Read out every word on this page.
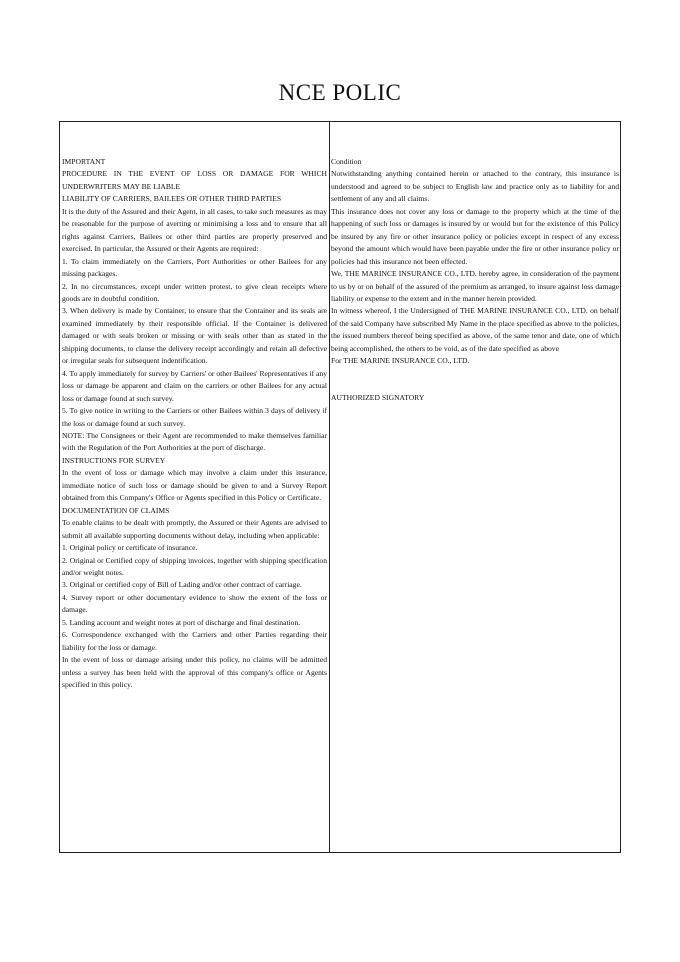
NCE POLIC

IMPORTANT

PROCEDURE IN THE EVENT OF LOSS OR DAMAGE FOR WHICH UNDERWRITERS MAY BE LIABLE

LIABILITY OF CARRIERS, BAILEES OR OTHER THIRD PARTIES

It is the duty of the Assured and their Agent, in all cases, to take such measures as may be reasonable for the purpose of averting or minimising a loss and to ensure that all rights against Carriers, Bailees or other third parties are properly preserved and exercised. In particular, the Assured or their Agents are required:

1. To claim immediately on the Carriers, Port Authorities or other Bailees for any missing packages.

2. In no circumstances, except under written protest, to give clean receipts where goods are in doubtful condition.

3. When delivery is made by Container, to ensure that the Container and its seals are examined immediately by their responsible official. If the Container is delivered damaged or with seals broken or missing or with seals other than as stated in the shipping documents, to clause the delivery receipt accordingly and retain all defective or irregular seals for subsequent indentification.

4. To apply immediately for survey by Carriers' or other Bailees' Representatives if any loss or damage be apparent and claim on the carriers or other Bailees for any actual loss or damage found at such survey.

5. To give notice in writing to the Carriers or other Bailees within 3 days of delivery if the loss or damage found at such survey.

NOTE: The Consignees or their Agent are recommended to make themselves familiar with the Regulation of the Port Authorities at the port of discharge.

INSTRUCTIONS FOR SURVEY

In the event of loss or damage which may involve a claim under this insurance, immediate notice of such loss or damage should be given to and a Survey Report obtained from this Company's Office or Agents specified in this Policy or Certificate.

DOCUMENTATION OF CLAIMS

To enable claims to be dealt with promptly, the Assured or their Agents are advised to submit all available supporting documents without delay, including when applicable:

1. Original policy or certificate of insurance.

2. Original or Certified copy of shipping invoices, together with shipping specification and/or weight notes.

3. Original or certified copy of Bill of Lading and/or other contract of carriage.

4. Survey report or other documentary evidence to show the extent of the loss or damage.

5. Landing account and weight notes at port of discharge and final destination.

6. Correspondence exchanged with the Carriers and other Parties regarding their liability for the loss or damage.

In the event of loss or damage arising under this policy, no claims will be admitted unless a survey has been held with the approval of this company's office or Agents specified in this policy.

Condition

Notwithstanding anything contained herein or attached to the contrary, this insurance is understood and agreed to be subject to English law and practice only as to liability for and settlement of any and all claims.

This insurance does not cover any loss or damage to the property which at the time of the happening of such loss or damages is insured by or would but for the existence of this Policy be insured by any fire or other insurance policy or policies except in respect of any excess beyond the amount which would have been payable under the fire or other insurance policy or policies had this insurance not been effected.

We, THE MARINCE INSURANCE CO., LTD. hereby agree, in consideration of the payment to us by or on behalf of the assured of the premium as arranged, to insure against loss damage liability or expense to the extent and in the manner herein provided.

In witness whereof, I the Undersigned of THE MARINE INSURANCE CO., LTD. on behalf of the said Company have subscribed My Name in the place specified as above to the policies, the issued numbers thereof being specified as above, of the same tenor and date, one of which being accomplished, the others to be void, as of the date specified as above

For THE MARINE INSURANCE CO., LTD.

AUTHORIZED SIGNATORY
